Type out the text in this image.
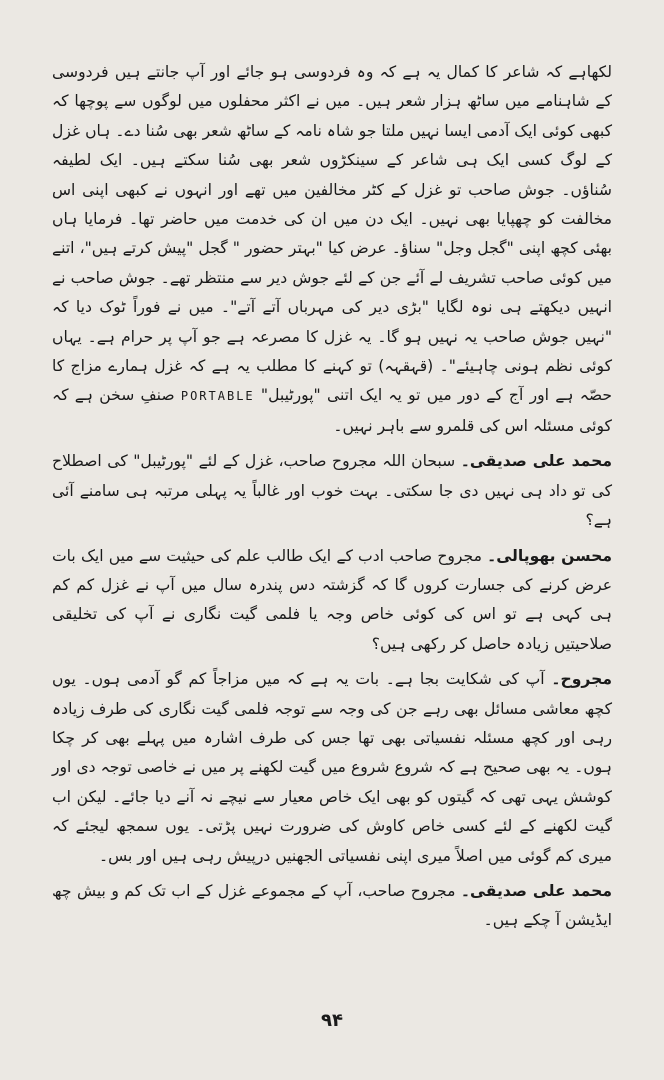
لکھاہے کہ شاعر کا کمال یہ ہے کہ وہ فردوسی ہو جائے اور آپ جانتے ہیں فردوسی کے شاہنامے میں ساٹھ ہزار شعر ہیں۔ میں نے اکثر محفلوں میں لوگوں سے پوچھا کہ کبھی کوئی ایک آدمی ایسا نہیں ملتا جو شاہ نامہ کے ساٹھ شعر بھی سُنا دے۔ ہاں غزل کے لوگ کسی ایک ہی شاعر کے سینکڑوں شعر بھی سُنا سکتے ہیں۔ ایک لطیفہ سُناؤں۔ جوش صاحب تو غزل کے کٹر مخالفین میں تھے اور انہوں نے کبھی اپنی اس مخالفت کو چھپایا بھی نہیں۔ ایک دن میں ان کی خدمت میں حاضر تھا۔ فرمایا ہاں بھئی کچھ اپنی "گجل وجل" سناؤ۔ عرض کیا "بہتر حضور " گجل "پیش کرتے ہیں"، اتنے میں کوئی صاحب تشریف لے آئے جن کے لئے جوش دیر سے منتظر تھے۔ جوش صاحب نے انہیں دیکھتے ہی نوہ لگایا "بڑی دیر کی مہرباں آتے آتے"۔ میں نے فوراً ٹوک دیا کہ "نہیں جوش صاحب یہ نہیں ہو گا۔ یہ غزل کا مصرعہ ہے جو آپ پر حرام ہے۔ یہاں کوئی نظم ہونی چاہیئے"۔ (قہقہہ) تو کہنے کا مطلب یہ ہے کہ غزل ہمارے مزاج کا حصّہ ہے اور آج کے دور میں تو یہ ایک اتنی "پورٹیبل" PORTABLE صنفِ سخن ہے کہ کوئی مسئلہ اس کی قلمرو سے باہر نہیں۔

محمد علی صدیقی۔ سبحان اللہ مجروح صاحب، غزل کے لئے "پورٹیبل" کی اصطلاح کی تو داد ہی نہیں دی جا سکتی۔ بہت خوب اور غالباً یہ پہلی مرتبہ ہی سامنے آئی ہے؟

محسن بھوپالی۔ مجروح صاحب ادب کے ایک طالب علم کی حیثیت سے میں ایک بات عرض کرنے کی جسارت کروں گا کہ گزشتہ دس پندرہ سال میں آپ نے غزل کم کم ہی کہی ہے تو اس کی کوئی خاص وجہ یا فلمی گیت نگاری نے آپ کی تخلیقی صلاحیتیں زیادہ حاصل کر رکھی ہیں؟

مجروح۔ آپ کی شکایت بجا ہے۔ بات یہ ہے کہ میں مزاجاً کم گو آدمی ہوں۔ یوں کچھ معاشی مسائل بھی رہے جن کی وجہ سے توجہ فلمی گیت نگاری کی طرف زیادہ رہی اور کچھ مسئلہ نفسیاتی بھی تھا جس کی طرف اشارہ میں پہلے بھی کر چکا ہوں۔ یہ بھی صحیح ہے کہ شروع شروع میں گیت لکھنے پر میں نے خاصی توجہ دی اور کوشش یہی تھی کہ گیتوں کو بھی ایک خاص معیار سے نیچے نہ آنے دیا جائے۔ لیکن اب گیت لکھنے کے لئے کسی خاص کاوش کی ضرورت نہیں پڑتی۔ یوں سمجھ لیجئے کہ میری کم گوئی میں اصلاً میری اپنی نفسیاتی الجھنیں درپیش رہی ہیں اور بس۔

محمد علی صدیقی۔ مجروح صاحب، آپ کے مجموعے غزل کے اب تک کم و بیش چھ ایڈیشن آ چکے ہیں۔

۹۴
